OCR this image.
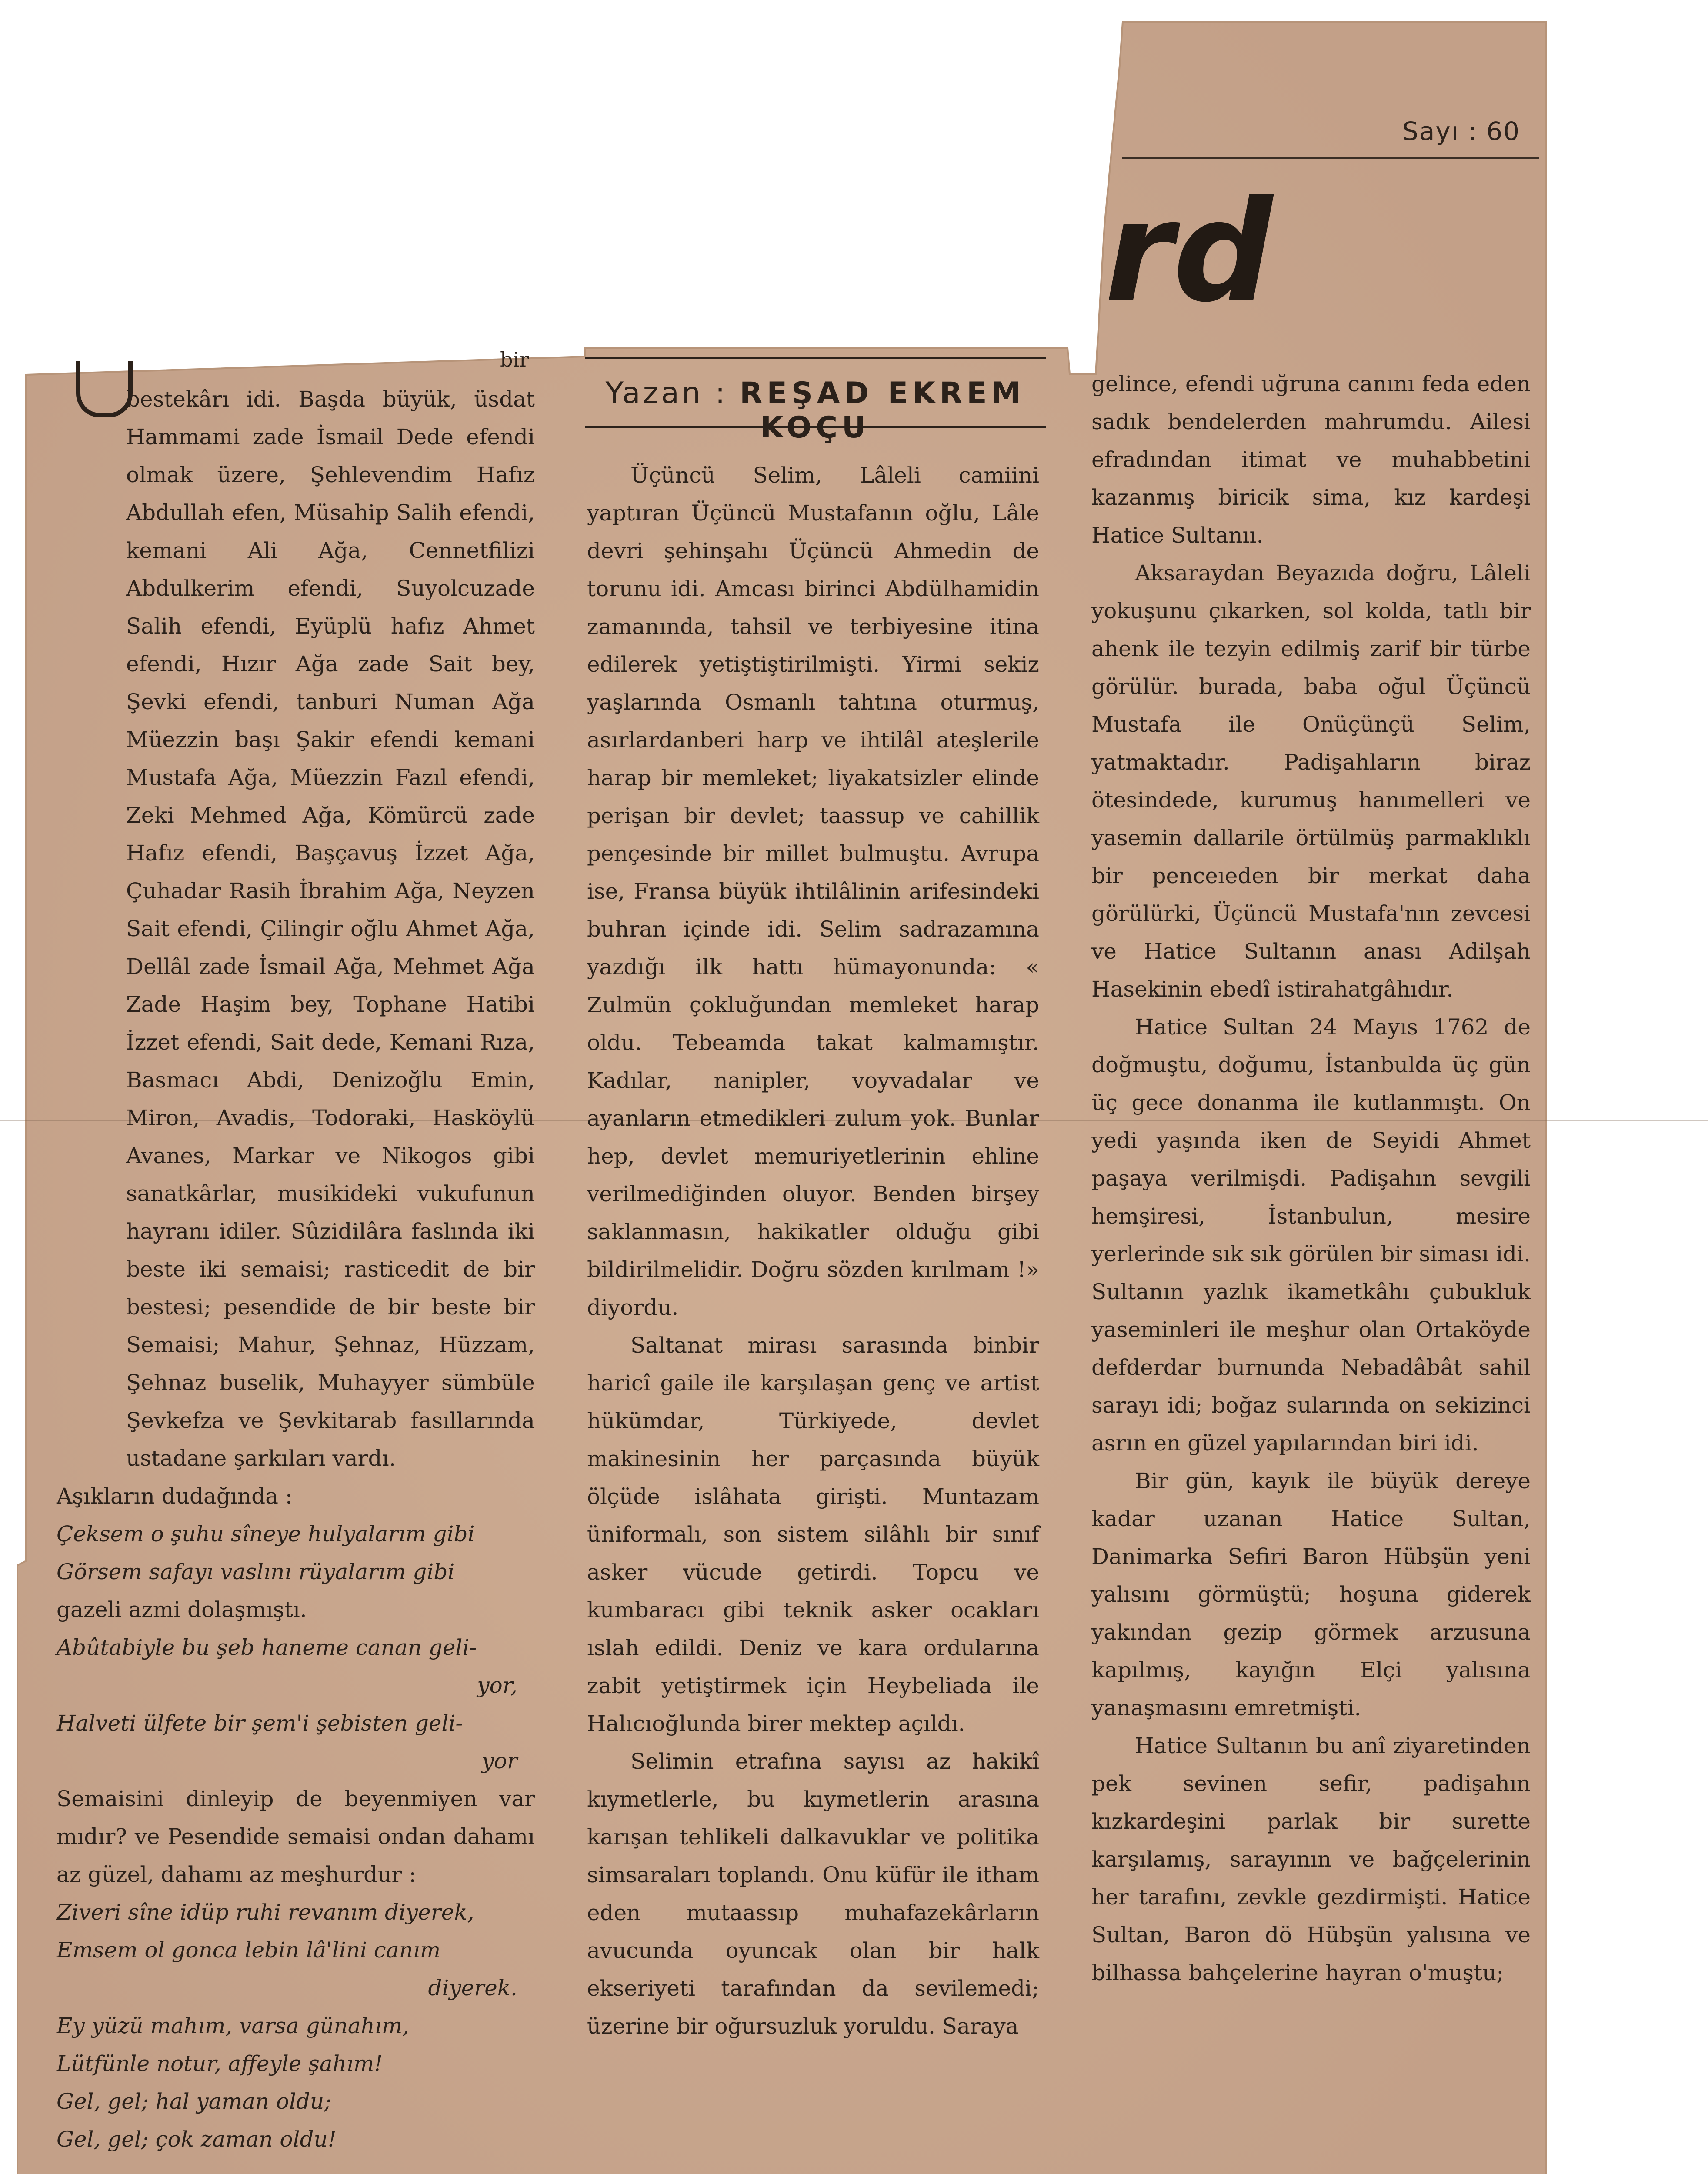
Sayı : 60
rd
Yazan : REŞAD EKREM KOÇU
bir

bestekârı idi. Başda büyük, üsdat Hammami zade İsmail Dede efendi olmak üzere, Şehlevendim Hafız Abdullah efen, Müsahip Salih efendi, kemani Ali Ağa, Cennetfilizi Abdulkerim efendi, Suyolcuzade Salih efendi, Eyüplü hafız Ahmet efendi, Hızır Ağa zade Sait bey, Şevki efendi, tanburi Numan Ağa Müezzin başı Şakir efendi kemani Mustafa Ağa, Müezzin Fazıl efendi, Zeki Mehmed Ağa, Kömürcü zade Hafız efendi, Başçavuş İzzet Ağa, Çuhadar Rasih İbrahim Ağa, Neyzen Sait efendi, Çilingir oğlu Ahmet Ağa, Dellâl zade İsmail Ağa, Mehmet Ağa Zade Haşim bey, Tophane Hatibi İzzet efendi, Sait dede, Kemani Rıza, Basmacı Abdi, Denizoğlu Emin, Miron, Avadis, Todoraki, Hasköylü Avanes, Markar ve Nikogos gibi sanatkârlar, musikideki vukufunun hayranı idiler. Sûzidilâra faslında iki beste iki semaisi; rasticedit de bir bestesi; pesendide de bir beste bir Semaisi; Mahur, Şehnaz, Hüzzam, Şehnaz buselik, Muhayyer sümbüle Şevkefza ve Şevkitarab fasıllarında ustadane şarkıları vardı.

Aşıkların dudağında :

Çeksem o şuhu sîneye hulyalarım gibi

Görsem safayı vaslını rüyalarım gibi

gazeli azmi dolaşmıştı.

Abûtabiyle bu şeb haneme canan geli-

yor,

Halveti ülfete bir şem'i şebisten geli-

yor

Semaisini dinleyip de beyenmiyen var mıdır? ve Pesendide semaisi ondan dahamı az güzel, dahamı az meşhurdur :

Ziveri sîne idüp ruhi revanım diyerek,

Emsem ol gonca lebin lâ'lini canım

diyerek.

Ey yüzü mahım, varsa günahım,

Lütfünle notur, affeyle şahım!

Gel, gel; hal yaman oldu;

Gel, gel; çok zaman oldu!

Üçüncü Selim, Lâleli camiini yaptıran Üçüncü Mustafanın oğlu, Lâle devri şehinşahı Üçüncü Ahmedin de torunu idi. Amcası birinci Abdülhamidin zamanında, tahsil ve terbiyesine itina edilerek yetiştiştirilmişti. Yirmi sekiz yaşlarında Osmanlı tahtına oturmuş, asırlardanberi harp ve ihtilâl ateşlerile harap bir memleket; liyakatsizler elinde perişan bir devlet; taassup ve cahillik pençesinde bir millet bulmuştu. Avrupa ise, Fransa büyük ihtilâlinin arifesindeki buhran içinde idi. Selim sadrazamına yazdığı ilk hattı hümayonunda: « Zulmün çokluğundan memleket harap oldu. Tebeamda takat kalmamıştır. Kadılar, nanipler, voyvadalar ve ayanların etmedikleri zulum yok. Bunlar hep, devlet memuriyetlerinin ehline verilmediğinden oluyor. Benden birşey saklanmasın, hakikatler olduğu gibi bildirilmelidir. Doğru sözden kırılmam !» diyordu.

Saltanat mirası sarasında binbir haricî gaile ile karşılaşan genç ve artist hükümdar, Türkiyede, devlet makinesinin her parçasında büyük ölçüde islâhata girişti. Muntazam üniformalı, son sistem silâhlı bir sınıf asker vücude getirdi. Topcu ve kumbaracı gibi teknik asker ocakları ıslah edildi. Deniz ve kara ordularına zabit yetiştirmek için Heybeliada ile Halıcıoğlunda birer mektep açıldı.

Selimin etrafına sayısı az hakikî kıymetlerle, bu kıymetlerin arasına karışan tehlikeli dalkavuklar ve politika simsaraları toplandı. Onu küfür ile itham eden mutaassıp muhafazekârların avucunda oyuncak olan bir halk ekseriyeti tarafından da sevilemedi; üzerine bir oğursuzluk yoruldu. Saraya

gelince, efendi uğruna canını feda eden sadık bendelerden mahrumdu. Ailesi efradından itimat ve muhabbetini kazanmış biricik sima, kız kardeşi Hatice Sultanıı.

Aksaraydan Beyazıda doğru, Lâleli yokuşunu çıkarken, sol kolda, tatlı bir ahenk ile tezyin edilmiş zarif bir türbe görülür. burada, baba oğul Üçüncü Mustafa ile Onüçünçü Selim, yatmaktadır. Padişahların biraz ötesindede, kurumuş hanımelleri ve yasemin dallarile örtülmüş parmaklıklı bir penceıeden bir merkat daha görülürki, Üçüncü Mustafa'nın zevcesi ve Hatice Sultanın anası Adilşah Hasekinin ebedî istirahatgâhıdır.

Hatice Sultan 24 Mayıs 1762 de doğmuştu, doğumu, İstanbulda üç gün üç gece donanma ile kutlanmıştı. On yedi yaşında iken de Seyidi Ahmet paşaya verilmişdi. Padişahın sevgili hemşiresi, İstanbulun, mesire yerlerinde sık sık görülen bir siması idi. Sultanın yazlık ikametkâhı çubukluk yaseminleri ile meşhur olan Ortaköyde defderdar burnunda Nebadâbât sahil sarayı idi; boğaz sularında on sekizinci asrın en güzel yapılarından biri idi.

Bir gün, kayık ile büyük dereye kadar uzanan Hatice Sultan, Danimarka Sefiri Baron Hübşün yeni yalısını görmüştü; hoşuna giderek yakından gezip görmek arzusuna kapılmış, kayığın Elçi yalısına yanaşmasını emretmişti.

Hatice Sultanın bu anî ziyaretinden pek sevinen sefir, padişahın kızkardeşini parlak bir surette karşılamış, sarayının ve bağçelerinin her tarafını, zevkle gezdirmişti. Hatice Sultan, Baron dö Hübşün yalısına ve bilhassa bahçelerine hayran o'muştu;
